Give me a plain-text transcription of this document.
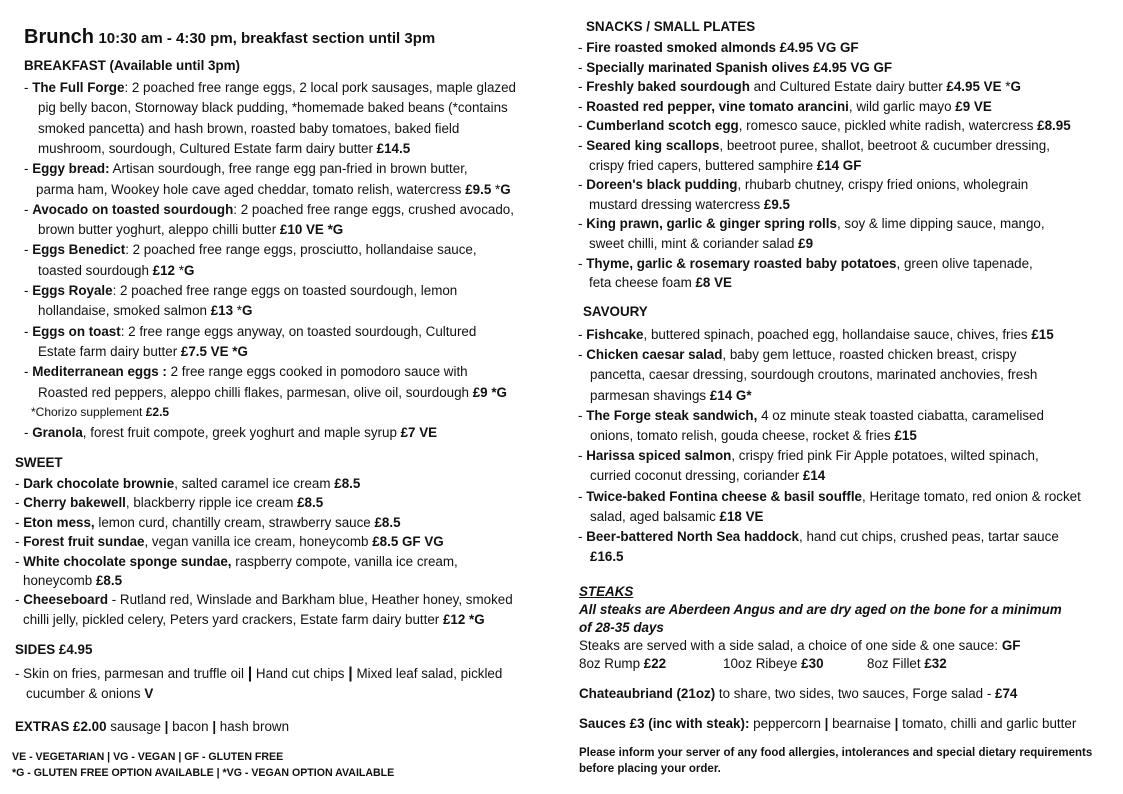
Brunch 10:30 am - 4:30 pm, breakfast section until 3pm
BREAKFAST (Available until 3pm)
- The Full Forge: 2 poached free range eggs, 2 local pork sausages, maple glazed
pig belly bacon, Stornoway black pudding, *homemade baked beans (*contains
smoked pancetta) and hash brown, roasted baby tomatoes, baked field
mushroom, sourdough, Cultured Estate farm dairy butter £14.5
- Eggy bread: Artisan sourdough, free range egg pan-fried in brown butter,
parma ham, Wookey hole cave aged cheddar, tomato relish, watercress £9.5 *G
- Avocado on toasted sourdough: 2 poached free range eggs, crushed avocado,
brown butter yoghurt, aleppo chilli butter £10 VE *G
- Eggs Benedict: 2 poached free range eggs, prosciutto, hollandaise sauce,
toasted sourdough £12 *G
- Eggs Royale: 2 poached free range eggs on toasted sourdough, lemon
hollandaise, smoked salmon £13 *G
- Eggs on toast: 2 free range eggs anyway, on toasted sourdough, Cultured
Estate farm dairy butter £7.5 VE *G
- Mediterranean eggs : 2 free range eggs cooked in pomodoro sauce with
Roasted red peppers, aleppo chilli flakes, parmesan, olive oil, sourdough £9 *G
*Chorizo supplement £2.5
- Granola, forest fruit compote, greek yoghurt and maple syrup £7 VE
SWEET
- Dark chocolate brownie, salted caramel ice cream £8.5
- Cherry bakewell, blackberry ripple ice cream £8.5
- Eton mess, lemon curd, chantilly cream, strawberry sauce £8.5
- Forest fruit sundae, vegan vanilla ice cream, honeycomb £8.5 GF VG
- White chocolate sponge sundae, raspberry compote, vanilla ice cream,
honeycomb £8.5
- Cheeseboard - Rutland red, Winslade and Barkham blue, Heather honey, smoked
chilli jelly, pickled celery, Peters yard crackers, Estate farm dairy butter £12 *G
SIDES £4.95
- Skin on fries, parmesan and truffle oil | Hand cut chips | Mixed leaf salad, pickled
cucumber & onions V
EXTRAS £2.00 sausage | bacon | hash brown
VE - VEGETARIAN | VG - VEGAN | GF - GLUTEN FREE
*G - GLUTEN FREE OPTION AVAILABLE | *VG - VEGAN OPTION AVAILABLE
SNACKS / SMALL PLATES
- Fire roasted smoked almonds £4.95 VG GF
- Specially marinated Spanish olives £4.95 VG GF
- Freshly baked sourdough and Cultured Estate dairy butter £4.95 VE *G
- Roasted red pepper, vine tomato arancini, wild garlic mayo £9 VE
- Cumberland scotch egg, romesco sauce, pickled white radish, watercress £8.95
- Seared king scallops, beetroot puree, shallot, beetroot & cucumber dressing,
crispy fried capers, buttered samphire £14 GF
- Doreen's black pudding, rhubarb chutney, crispy fried onions, wholegrain
mustard dressing watercress £9.5
- King prawn, garlic & ginger spring rolls, soy & lime dipping sauce, mango,
sweet chilli, mint & coriander salad £9
- Thyme, garlic & rosemary roasted baby potatoes, green olive tapenade,
feta cheese foam £8 VE
SAVOURY
- Fishcake, buttered spinach, poached egg, hollandaise sauce, chives, fries £15
- Chicken caesar salad, baby gem lettuce, roasted chicken breast, crispy
pancetta, caesar dressing, sourdough croutons, marinated anchovies, fresh
parmesan shavings £14 G*
- The Forge steak sandwich, 4 oz minute steak toasted ciabatta, caramelised
onions, tomato relish, gouda cheese, rocket & fries £15
- Harissa spiced salmon, crispy fried pink Fir Apple potatoes, wilted spinach,
curried coconut dressing, coriander £14
- Twice-baked Fontina cheese & basil souffle, Heritage tomato, red onion & rocket
salad, aged balsamic £18 VE
- Beer-battered North Sea haddock, hand cut chips, crushed peas, tartar sauce
£16.5
STEAKS
All steaks are Aberdeen Angus and are dry aged on the bone for a minimum
of 28-35 days
Steaks are served with a side salad, a choice of one side & one sauce: GF
8oz Rump £22	10oz Ribeye £30	8oz Fillet £32
Chateaubriand (21oz) to share, two sides, two sauces, Forge salad - £74
Sauces £3 (inc with steak): peppercorn | bearnaise | tomato, chilli and garlic butter
Please inform your server of any food allergies, intolerances and special dietary requirements
before placing your order.
